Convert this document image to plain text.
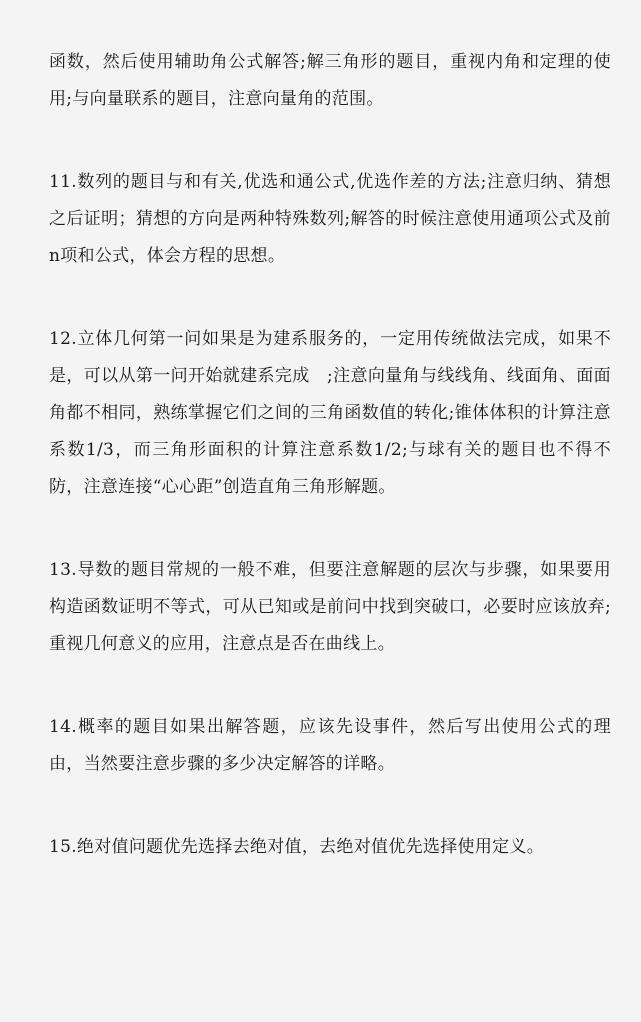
函数，然后使用辅助角公式解答;解三角形的题目，重视内角和定理的使用;与向量联系的题目，注意向量角的范围。

11.数列的题目与和有关,优选和通公式,优选作差的方法;注意归纳、猜想之后证明；猜想的方向是两种特殊数列;解答的时候注意使用通项公式及前n项和公式，体会方程的思想。

12.立体几何第一问如果是为建系服务的，一定用传统做法完成，如果不是，可以从第一问开始就建系完成　;注意向量角与线线角、线面角、面面角都不相同，熟练掌握它们之间的三角函数值的转化;锥体体积的计算注意系数1/3，而三角形面积的计算注意系数1/2;与球有关的题目也不得不防，注意连接“心心距”创造直角三角形解题。

13.导数的题目常规的一般不难，但要注意解题的层次与步骤，如果要用构造函数证明不等式，可从已知或是前问中找到突破口，必要时应该放弃;重视几何意义的应用，注意点是否在曲线上。

14.概率的题目如果出解答题，应该先设事件，然后写出使用公式的理由，当然要注意步骤的多少决定解答的详略。

15.绝对值问题优先选择去绝对值，去绝对值优先选择使用定义。
